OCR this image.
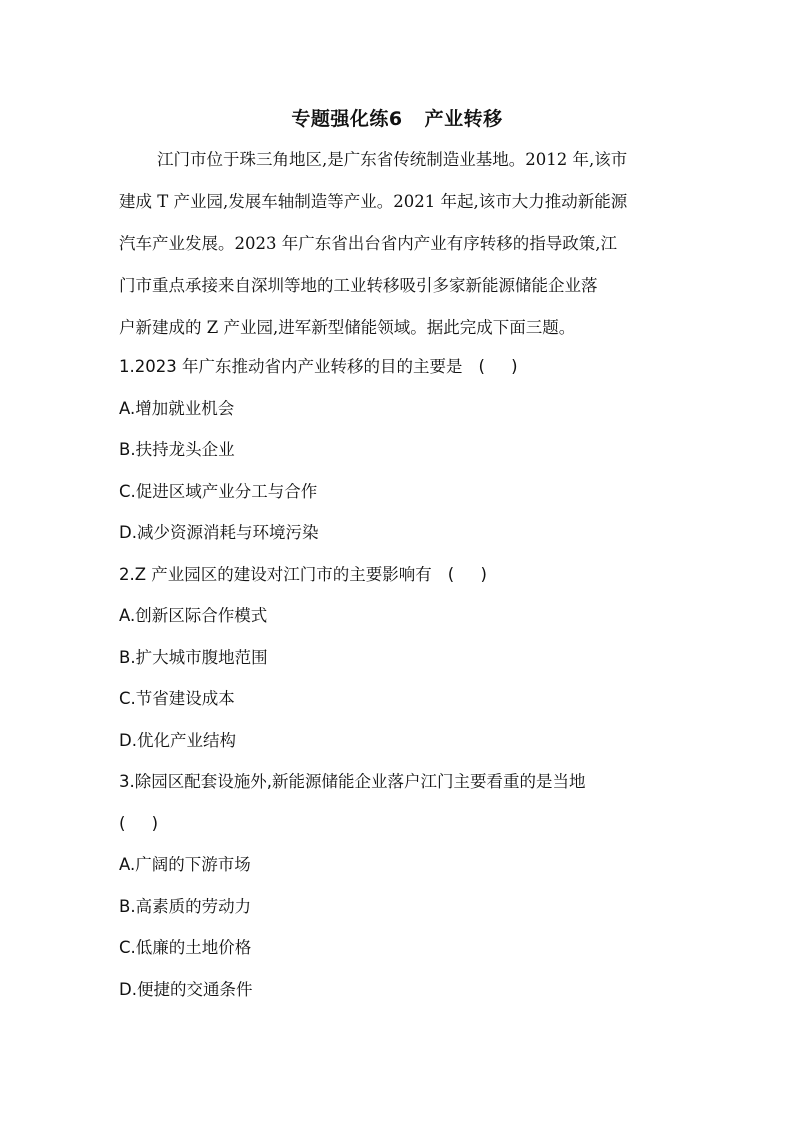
专题强化练6 产业转移
江门市位于珠三角地区,是广东省传统制造业基地。2012 年,该市
建成 T 产业园,发展车轴制造等产业。2021 年起,该市大力推动新能源
汽车产业发展。2023 年广东省出台省内产业有序转移的指导政策,江
门市重点承接来自深圳等地的工业转移吸引多家新能源储能企业落
户新建成的 Z 产业园,进军新型储能领域。据此完成下面三题。
1.2023 年广东推动省内产业转移的目的主要是 (     )
A.增加就业机会
B.扶持龙头企业
C.促进区域产业分工与合作
D.减少资源消耗与环境污染
2.Z 产业园区的建设对江门市的主要影响有 (     )
A.创新区际合作模式
B.扩大城市腹地范围
C.节省建设成本
D.优化产业结构
3.除园区配套设施外,新能源储能企业落户江门主要看重的是当地
(     )
A.广阔的下游市场
B.高素质的劳动力
C.低廉的土地价格
D.便捷的交通条件
